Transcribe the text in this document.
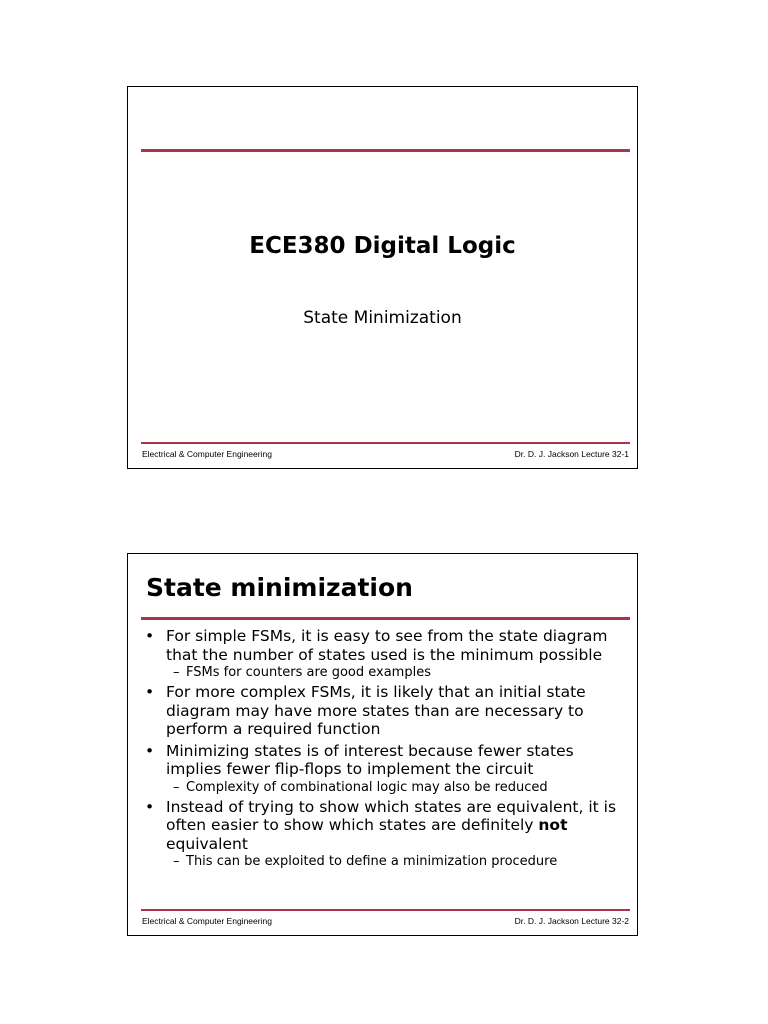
ECE380 Digital Logic
State Minimization
Electrical & Computer Engineering	Dr. D. J. Jackson Lecture 32-1
State minimization
• For simple FSMs, it is easy to see from the state diagram that the number of states used is the minimum possible
– FSMs for counters are good examples
• For more complex FSMs, it is likely that an initial state diagram may have more states than are necessary to perform a required function
• Minimizing states is of interest because fewer states implies fewer flip-flops to implement the circuit
– Complexity of combinational logic may also be reduced
• Instead of trying to show which states are equivalent, it is often easier to show which states are definitely not equivalent
– This can be exploited to define a minimization procedure
Electrical & Computer Engineering	Dr. D. J. Jackson Lecture 32-2
